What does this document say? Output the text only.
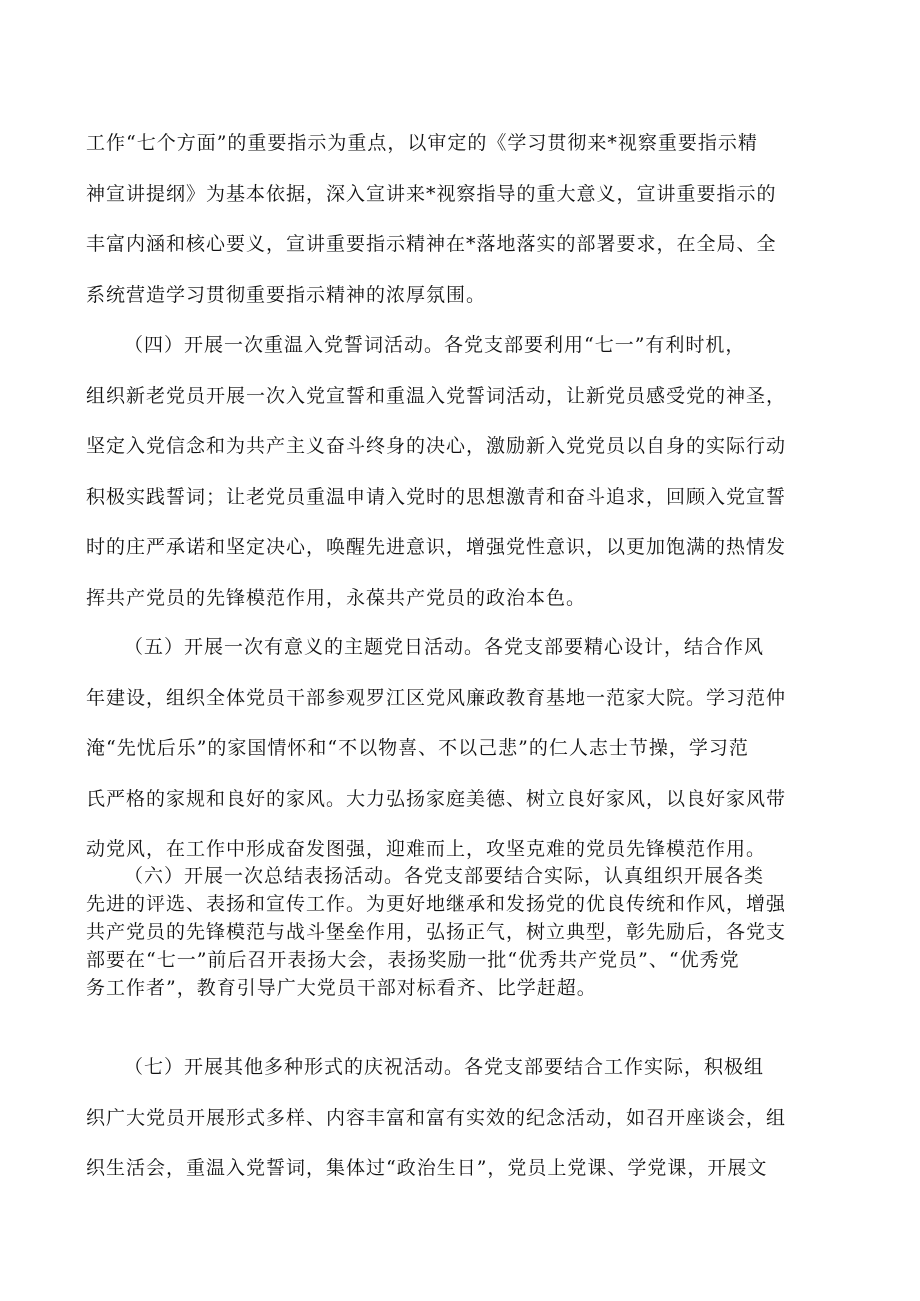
工作“七个方面”的重要指示为重点，以审定的《学习贯彻来*视察重要指示精
神宣讲提纲》为基本依据，深入宣讲来*视察指导的重大意义，宣讲重要指示的
丰富内涵和核心要义，宣讲重要指示精神在*落地落实的部署要求，在全局、全
系统营造学习贯彻重要指示精神的浓厚氛围。

（四）开展一次重温入党誓词活动。各党支部要利用“七一”有利时机，
组织新老党员开展一次入党宣誓和重温入党誓词活动，让新党员感受党的神圣，
坚定入党信念和为共产主义奋斗终身的决心，激励新入党党员以自身的实际行动
积极实践誓词；让老党员重温申请入党时的思想激青和奋斗追求，回顾入党宣誓
时的庄严承诺和坚定决心，唤醒先进意识，增强党性意识，以更加饱满的热情发
挥共产党员的先锋模范作用，永葆共产党员的政治本色。

（五）开展一次有意义的主题党日活动。各党支部要精心设计，结合作风
年建设，组织全体党员干部参观罗江区党风廉政教育基地一范家大院。学习范仲
淹“先忧后乐”的家国情怀和“不以物喜、不以己悲”的仁人志士节操，学习范
氏严格的家规和良好的家风。大力弘扬家庭美德、树立良好家风，以良好家风带
动党风，在工作中形成奋发图强，迎难而上，攻坚克难的党员先锋模范作用。

（六）开展一次总结表扬活动。各党支部要结合实际，认真组织开展各类
先进的评选、表扬和宣传工作。为更好地继承和发扬党的优良传统和作风，增强
共产党员的先锋模范与战斗堡垒作用，弘扬正气，树立典型，彰先励后，各党支
部要在“七一”前后召开表扬大会，表扬奖励一批“优秀共产党员”、“优秀党
务工作者”，教育引导广大党员干部对标看齐、比学赶超。

（七）开展其他多种形式的庆祝活动。各党支部要结合工作实际，积极组
织广大党员开展形式多样、内容丰富和富有实效的纪念活动，如召开座谈会，组
织生活会，重温入党誓词，集体过“政治生日”，党员上党课、学党课，开展文
